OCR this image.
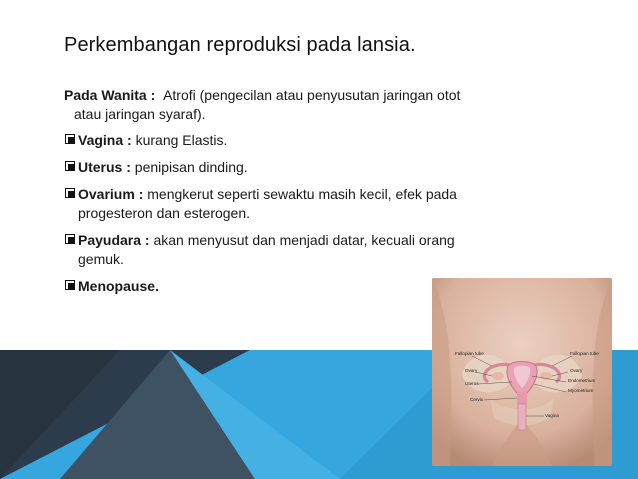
Perkembangan reproduksi pada lansia.
Pada Wanita : Atrofi (pengecilan atau penyusutan jaringan otot
atau jaringan syaraf).
Vagina : kurang Elastis.
Uterus : penipisan dinding.
Ovarium : mengkerut seperti sewaktu masih kecil, efek pada
progesteron dan esterogen.
Payudara : akan menyusut dan menjadi datar, kecuali orang
gemuk.
Menopause.
Fallopian tube	Fallopian tube
Ovary	Ovary
Uterus
Endometrium
Myometrium
Cervix
Vagina
